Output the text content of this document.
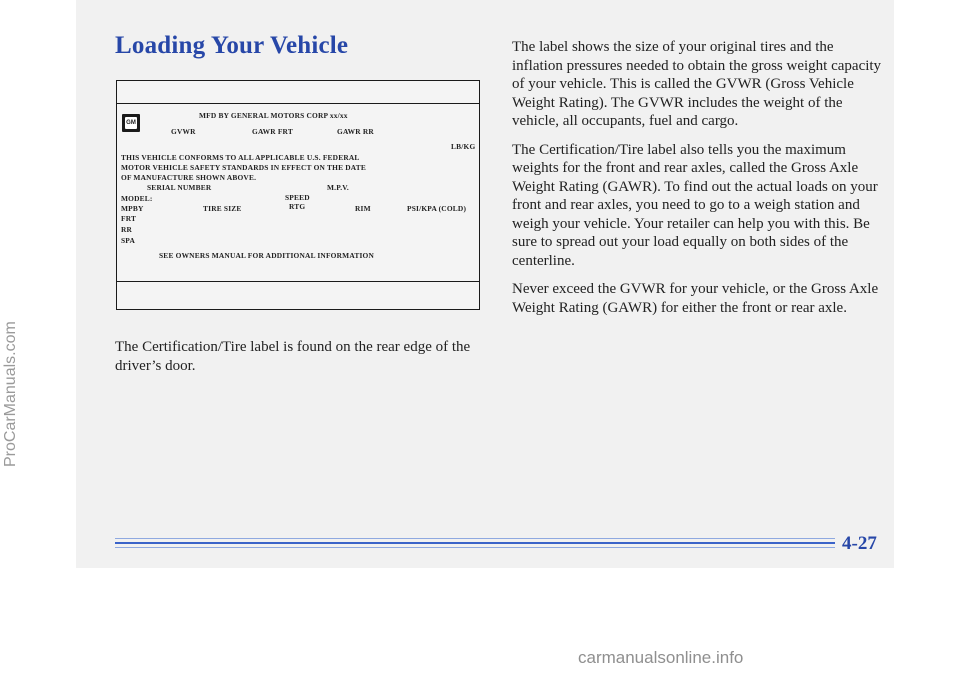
Loading Your Vehicle
GM
MFD BY GENERAL MOTORS CORP xx/xx
GVWR	GAWR FRT	GAWR RR
LB/KG
THIS VEHICLE CONFORMS TO ALL APPLICABLE U.S. FEDERAL
MOTOR VEHICLE SAFETY STANDARDS IN EFFECT ON THE DATE
OF MANUFACTURE SHOWN ABOVE.
SERIAL NUMBER	M.P.V.
MODEL:	SPEED
MPBY	TIRE SIZE	RTG	RIM	PSI/KPA (COLD)
FRT
RR
SPA
SEE OWNERS MANUAL FOR ADDITIONAL INFORMATION

The Certification/Tire label is found on the rear edge of the driver’s door.

The label shows the size of your original tires and the inflation pressures needed to obtain the gross weight capacity of your vehicle. This is called the GVWR (Gross Vehicle Weight Rating). The GVWR includes the weight of the vehicle, all occupants, fuel and cargo.

The Certification/Tire label also tells you the maximum weights for the front and rear axles, called the Gross Axle Weight Rating (GAWR). To find out the actual loads on your front and rear axles, you need to go to a weigh station and weigh your vehicle. Your retailer can help you with this. Be sure to spread out your load equally on both sides of the centerline.

Never exceed the GVWR for your vehicle, or the Gross Axle Weight Rating (GAWR) for either the front or rear axle.

4-27
ProCarManuals.com
carmanualsonline.info
